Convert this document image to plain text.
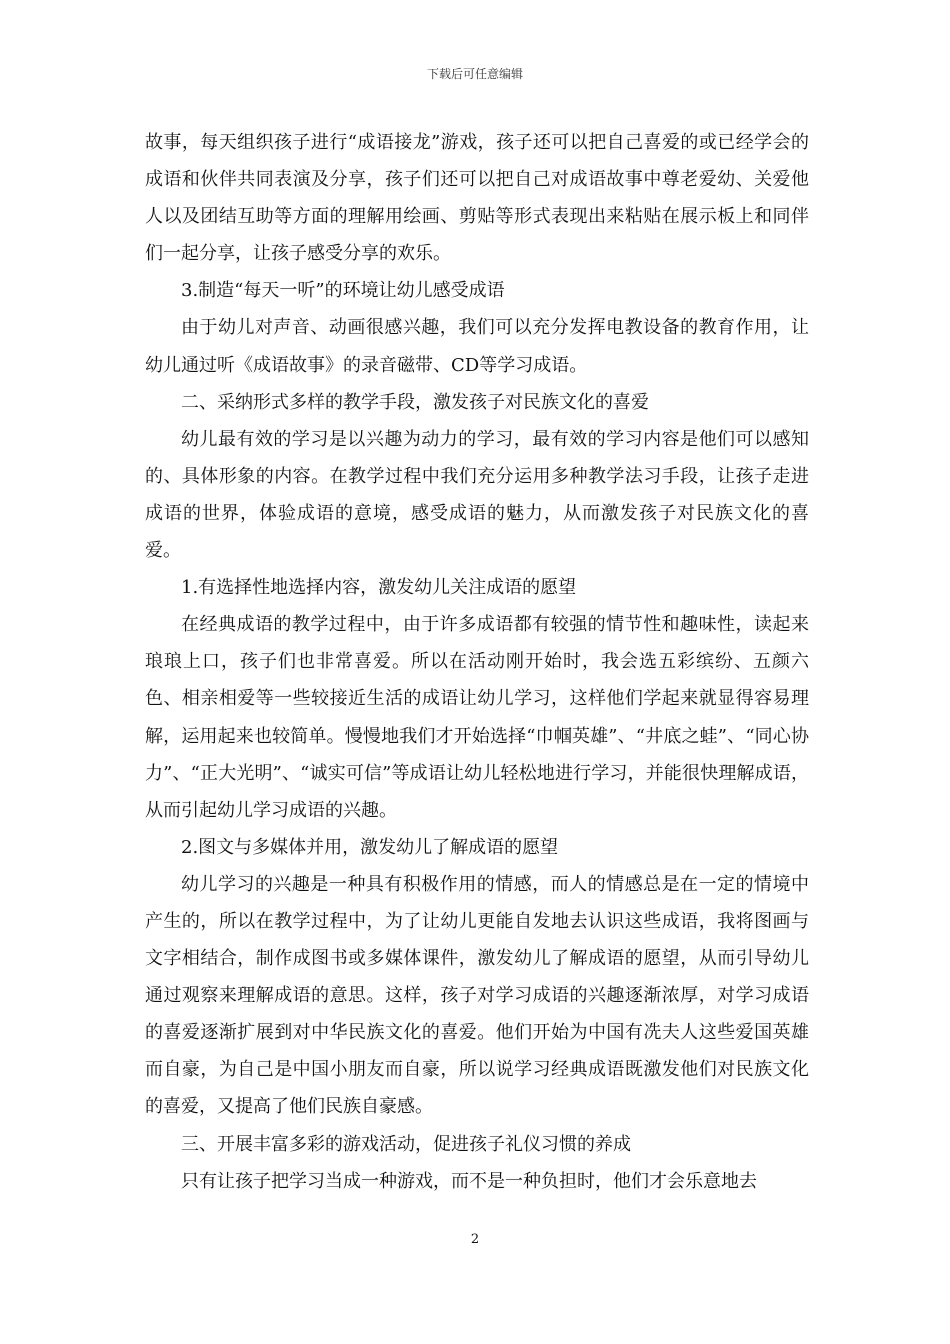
下载后可任意编辑

故事，每天组织孩子进行“成语接龙”游戏，孩子还可以把自己喜爱的或已经学会的成语和伙伴共同表演及分享，孩子们还可以把自己对成语故事中尊老爱幼、关爱他人以及团结互助等方面的理解用绘画、剪贴等形式表现出来粘贴在展示板上和同伴们一起分享，让孩子感受分享的欢乐。

3.制造“每天一听”的环境让幼儿感受成语

由于幼儿对声音、动画很感兴趣，我们可以充分发挥电教设备的教育作用，让幼儿通过听《成语故事》的录音磁带、CD等学习成语。

二、采纳形式多样的教学手段，激发孩子对民族文化的喜爱

幼儿最有效的学习是以兴趣为动力的学习，最有效的学习内容是他们可以感知的、具体形象的内容。在教学过程中我们充分运用多种教学法习手段，让孩子走进成语的世界，体验成语的意境，感受成语的魅力，从而激发孩子对民族文化的喜爱。

1.有选择性地选择内容，激发幼儿关注成语的愿望

在经典成语的教学过程中，由于许多成语都有较强的情节性和趣味性，读起来琅琅上口，孩子们也非常喜爱。所以在活动刚开始时，我会选五彩缤纷、五颜六色、相亲相爱等一些较接近生活的成语让幼儿学习，这样他们学起来就显得容易理解，运用起来也较简单。慢慢地我们才开始选择“巾帼英雄”、“井底之蛙”、“同心协力”、“正大光明”、“诚实可信”等成语让幼儿轻松地进行学习，并能很快理解成语，从而引起幼儿学习成语的兴趣。

2.图文与多媒体并用，激发幼儿了解成语的愿望

幼儿学习的兴趣是一种具有积极作用的情感，而人的情感总是在一定的情境中产生的，所以在教学过程中，为了让幼儿更能自发地去认识这些成语，我将图画与文字相结合，制作成图书或多媒体课件，激发幼儿了解成语的愿望，从而引导幼儿通过观察来理解成语的意思。这样，孩子对学习成语的兴趣逐渐浓厚，对学习成语的喜爱逐渐扩展到对中华民族文化的喜爱。他们开始为中国有冼夫人这些爱国英雄而自豪，为自己是中国小朋友而自豪，所以说学习经典成语既激发他们对民族文化的喜爱，又提高了他们民族自豪感。

三、开展丰富多彩的游戏活动，促进孩子礼仪习惯的养成

只有让孩子把学习当成一种游戏，而不是一种负担时，他们才会乐意地去

2
